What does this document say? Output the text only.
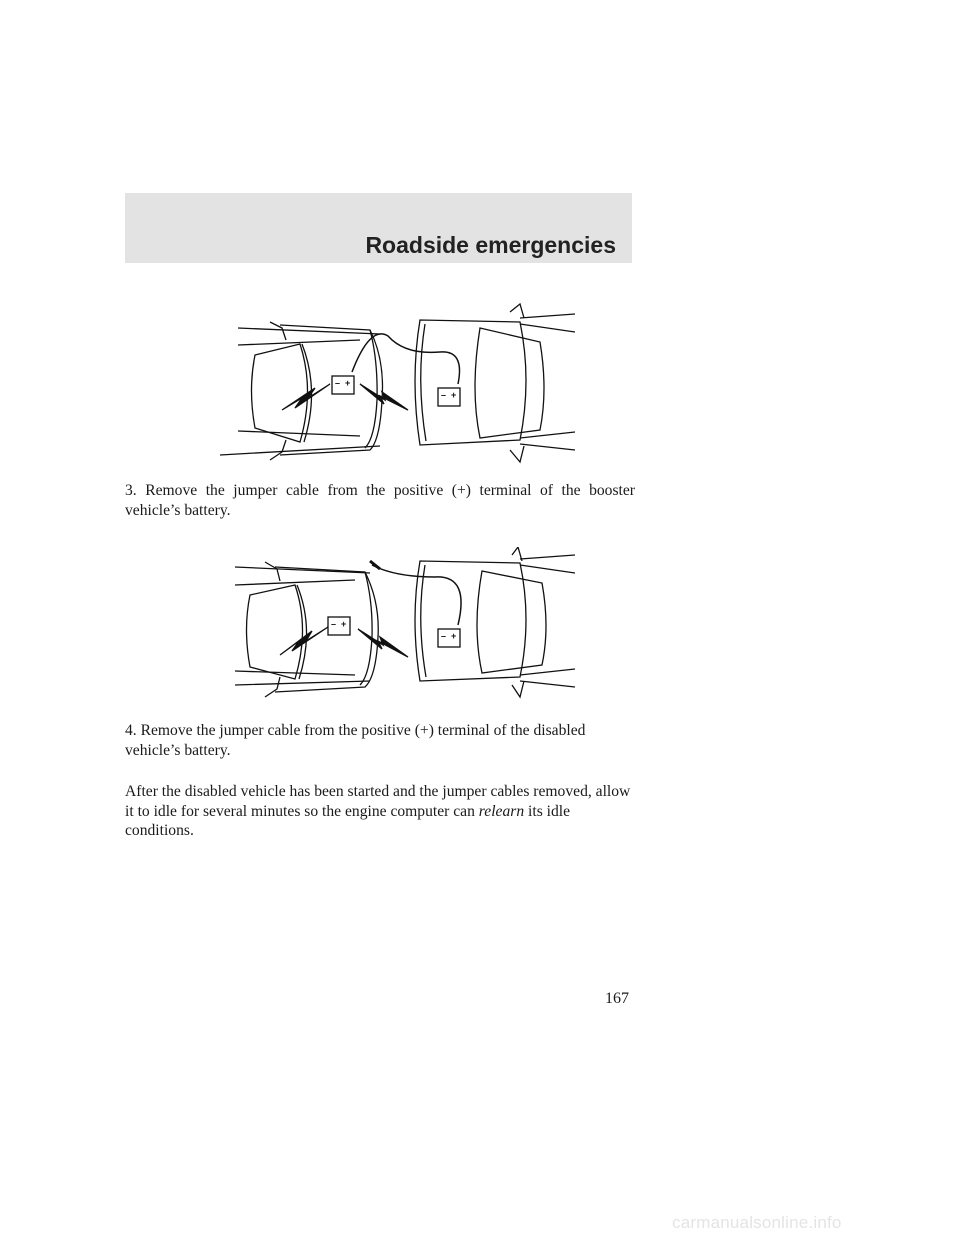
Roadside emergencies
– +
– +

3. Remove the jumper cable from the positive (+) terminal of the booster vehicle’s battery.

– +
– +

4. Remove the jumper cable from the positive (+) terminal of the disabled vehicle’s battery.

After the disabled vehicle has been started and the jumper cables removed, allow it to idle for several minutes so the engine computer can relearn its idle conditions.

167
carmanualsonline.info
